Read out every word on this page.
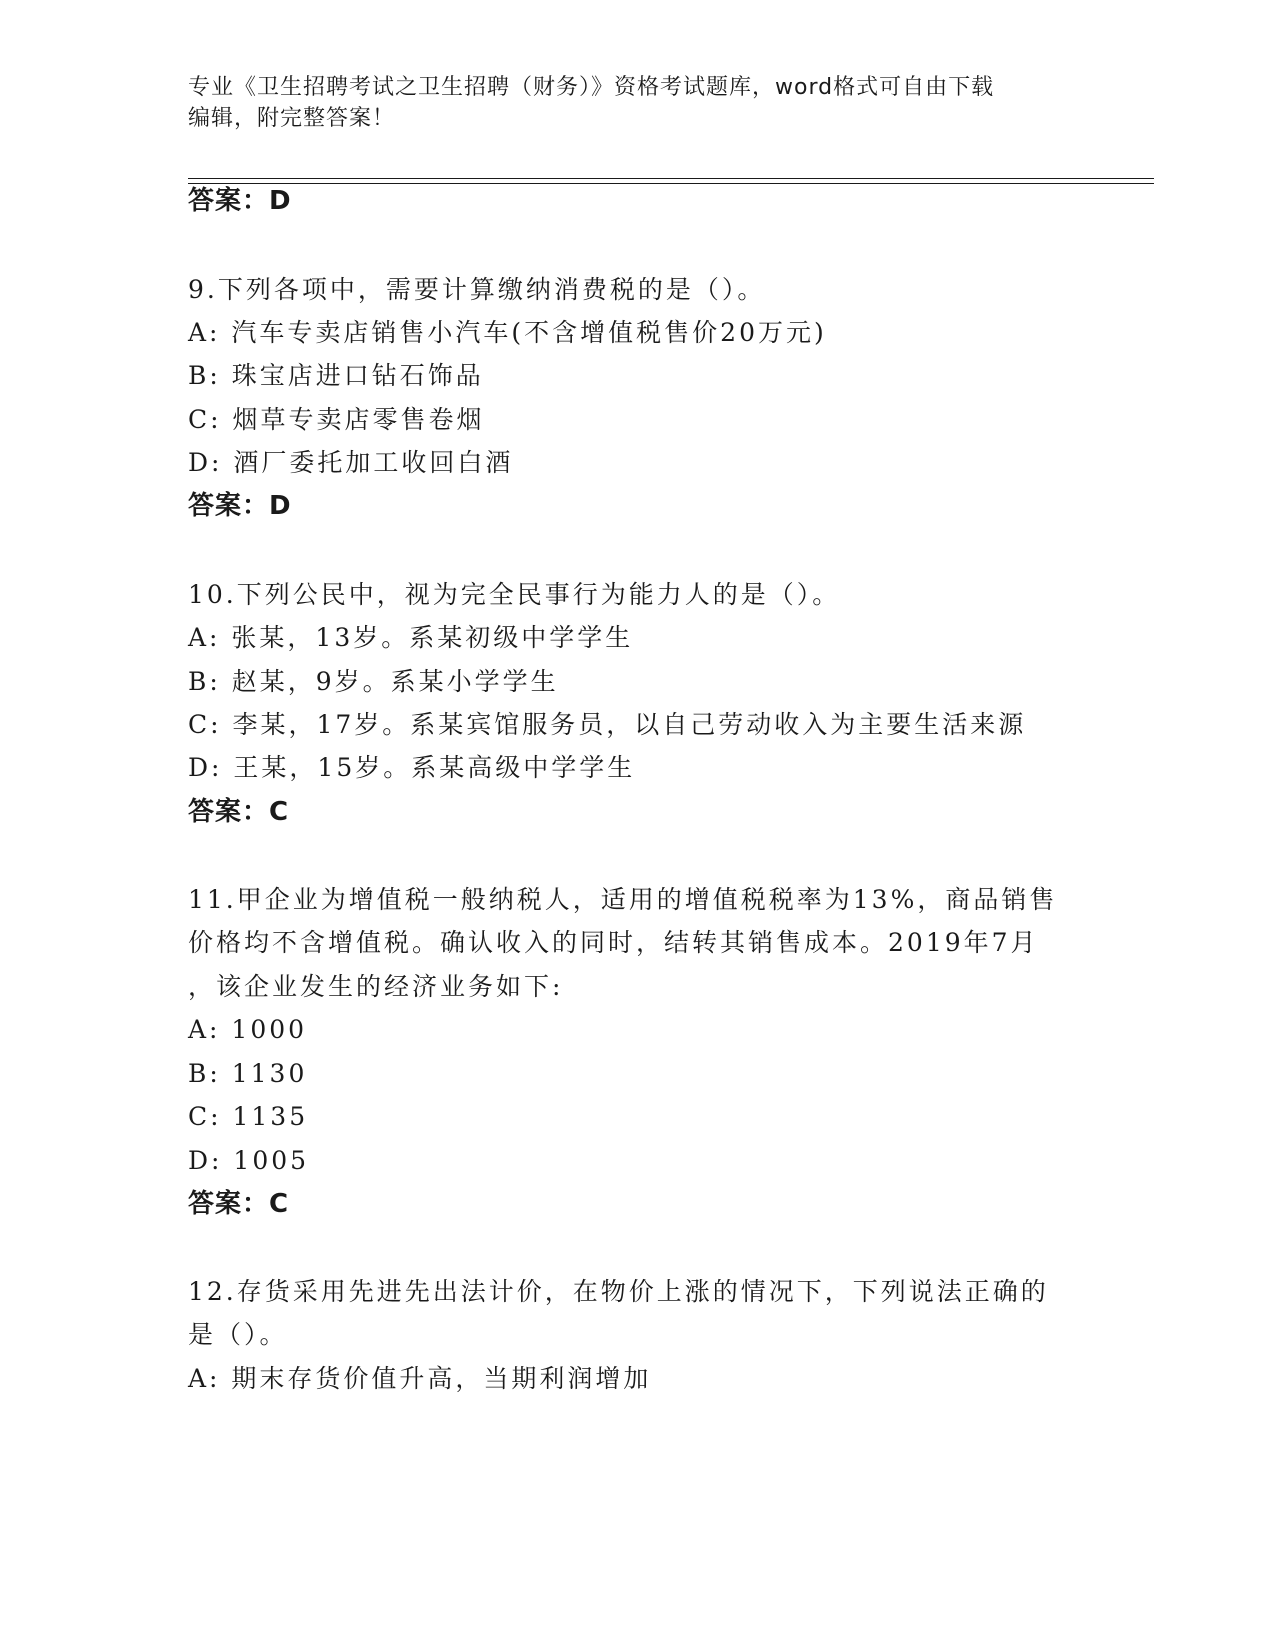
专业《卫生招聘考试之卫生招聘（财务）》资格考试题库，word格式可自由下载
编辑，附完整答案！
答案：D
9.下列各项中，需要计算缴纳消费税的是（）。
A: 汽车专卖店销售小汽车(不含增值税售价20万元)
B: 珠宝店进口钻石饰品
C: 烟草专卖店零售卷烟
D: 酒厂委托加工收回白酒
答案：D
10.下列公民中，视为完全民事行为能力人的是（）。
A: 张某，13岁。系某初级中学学生
B: 赵某，9岁。系某小学学生
C: 李某，17岁。系某宾馆服务员，以自己劳动收入为主要生活来源
D: 王某，15岁。系某高级中学学生
答案：C
11.甲企业为增值税一般纳税人，适用的增值税税率为13%，商品销售
价格均不含增值税。确认收入的同时，结转其销售成本。2019年7月
，该企业发生的经济业务如下:
A: 1000
B: 1130
C: 1135
D: 1005
答案：C
12.存货采用先进先出法计价，在物价上涨的情况下，下列说法正确的
是（）。
A: 期末存货价值升高，当期利润增加
